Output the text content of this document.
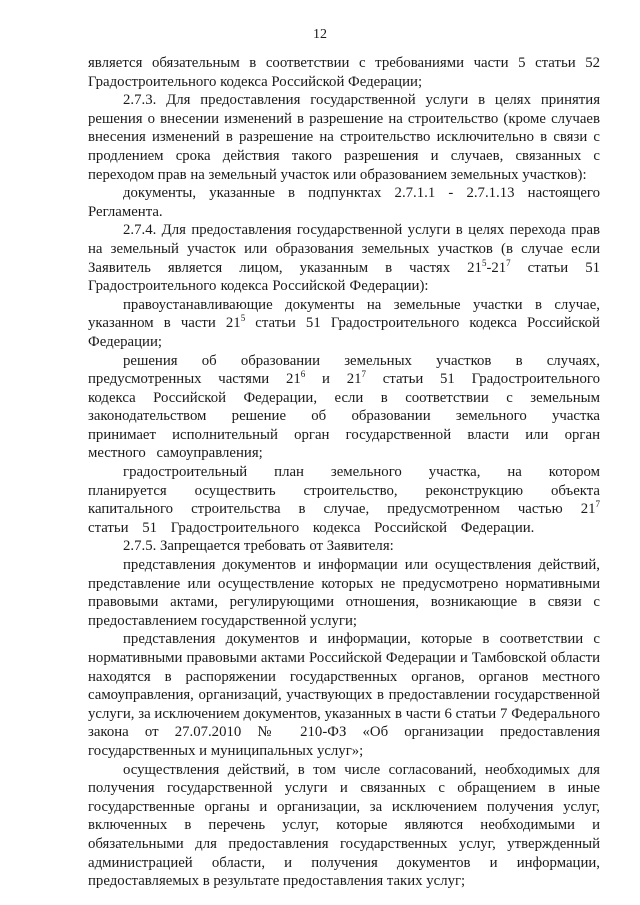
12

является обязательным в соответствии с требованиями части 5 статьи 52 Градостроительного кодекса Российской Федерации;

2.7.3. Для предоставления государственной услуги в целях принятия решения о внесении изменений в разрешение на строительство (кроме случаев внесения изменений в разрешение на строительство исключительно в связи с продлением срока действия такого разрешения и случаев, связанных с переходом прав на земельный участок или образованием земельных участков):

документы, указанные в подпунктах 2.7.1.1 - 2.7.1.13 настоящего Регламента.

2.7.4. Для предоставления государственной услуги в целях перехода прав на земельный участок или образования земельных участков (в случае если Заявитель является лицом, указанным в частях $21^5-21^7$ статьи 51 Градостроительного кодекса Российской Федерации):

правоустанавливающие документы на земельные участки в случае, указанном в части $21^5$ статьи 51 Градостроительного кодекса Российской Федерации;

решения об образовании земельных участков в случаях, предусмотренных частями $21^6$ и $21^7$ статьи 51 Градостроительного кодекса Российской Федерации, если в соответствии с земельным законодательством решение об образовании земельного участка принимает исполнительный орган государственной власти или орган местного самоуправления;

градостроительный план земельного участка, на котором планируется осуществить строительство, реконструкцию объекта капитального строительства в случае, предусмотренном частью $21^7$ статьи 51 Градостроительного кодекса Российской Федерации.

2.7.5. Запрещается требовать от Заявителя:

представления документов и информации или осуществления действий, представление или осуществление которых не предусмотрено нормативными правовыми актами, регулирующими отношения, возникающие в связи с предоставлением государственной услуги;

представления документов и информации, которые в соответствии с нормативными правовыми актами Российской Федерации и Тамбовской области находятся в распоряжении государственных органов, органов местного самоуправления, организаций, участвующих в предоставлении государственной услуги, за исключением документов, указанных в части 6 статьи 7 Федерального закона от 27.07.2010 № 210-ФЗ «Об организации предоставления государственных и муниципальных услуг»;

осуществления действий, в том числе согласований, необходимых для получения государственной услуги и связанных с обращением в иные государственные органы и организации, за исключением получения услуг, включенных в перечень услуг, которые являются необходимыми и обязательными для предоставления государственных услуг, утвержденный администрацией области, и получения документов и информации, предоставляемых в результате предоставления таких услуг;
